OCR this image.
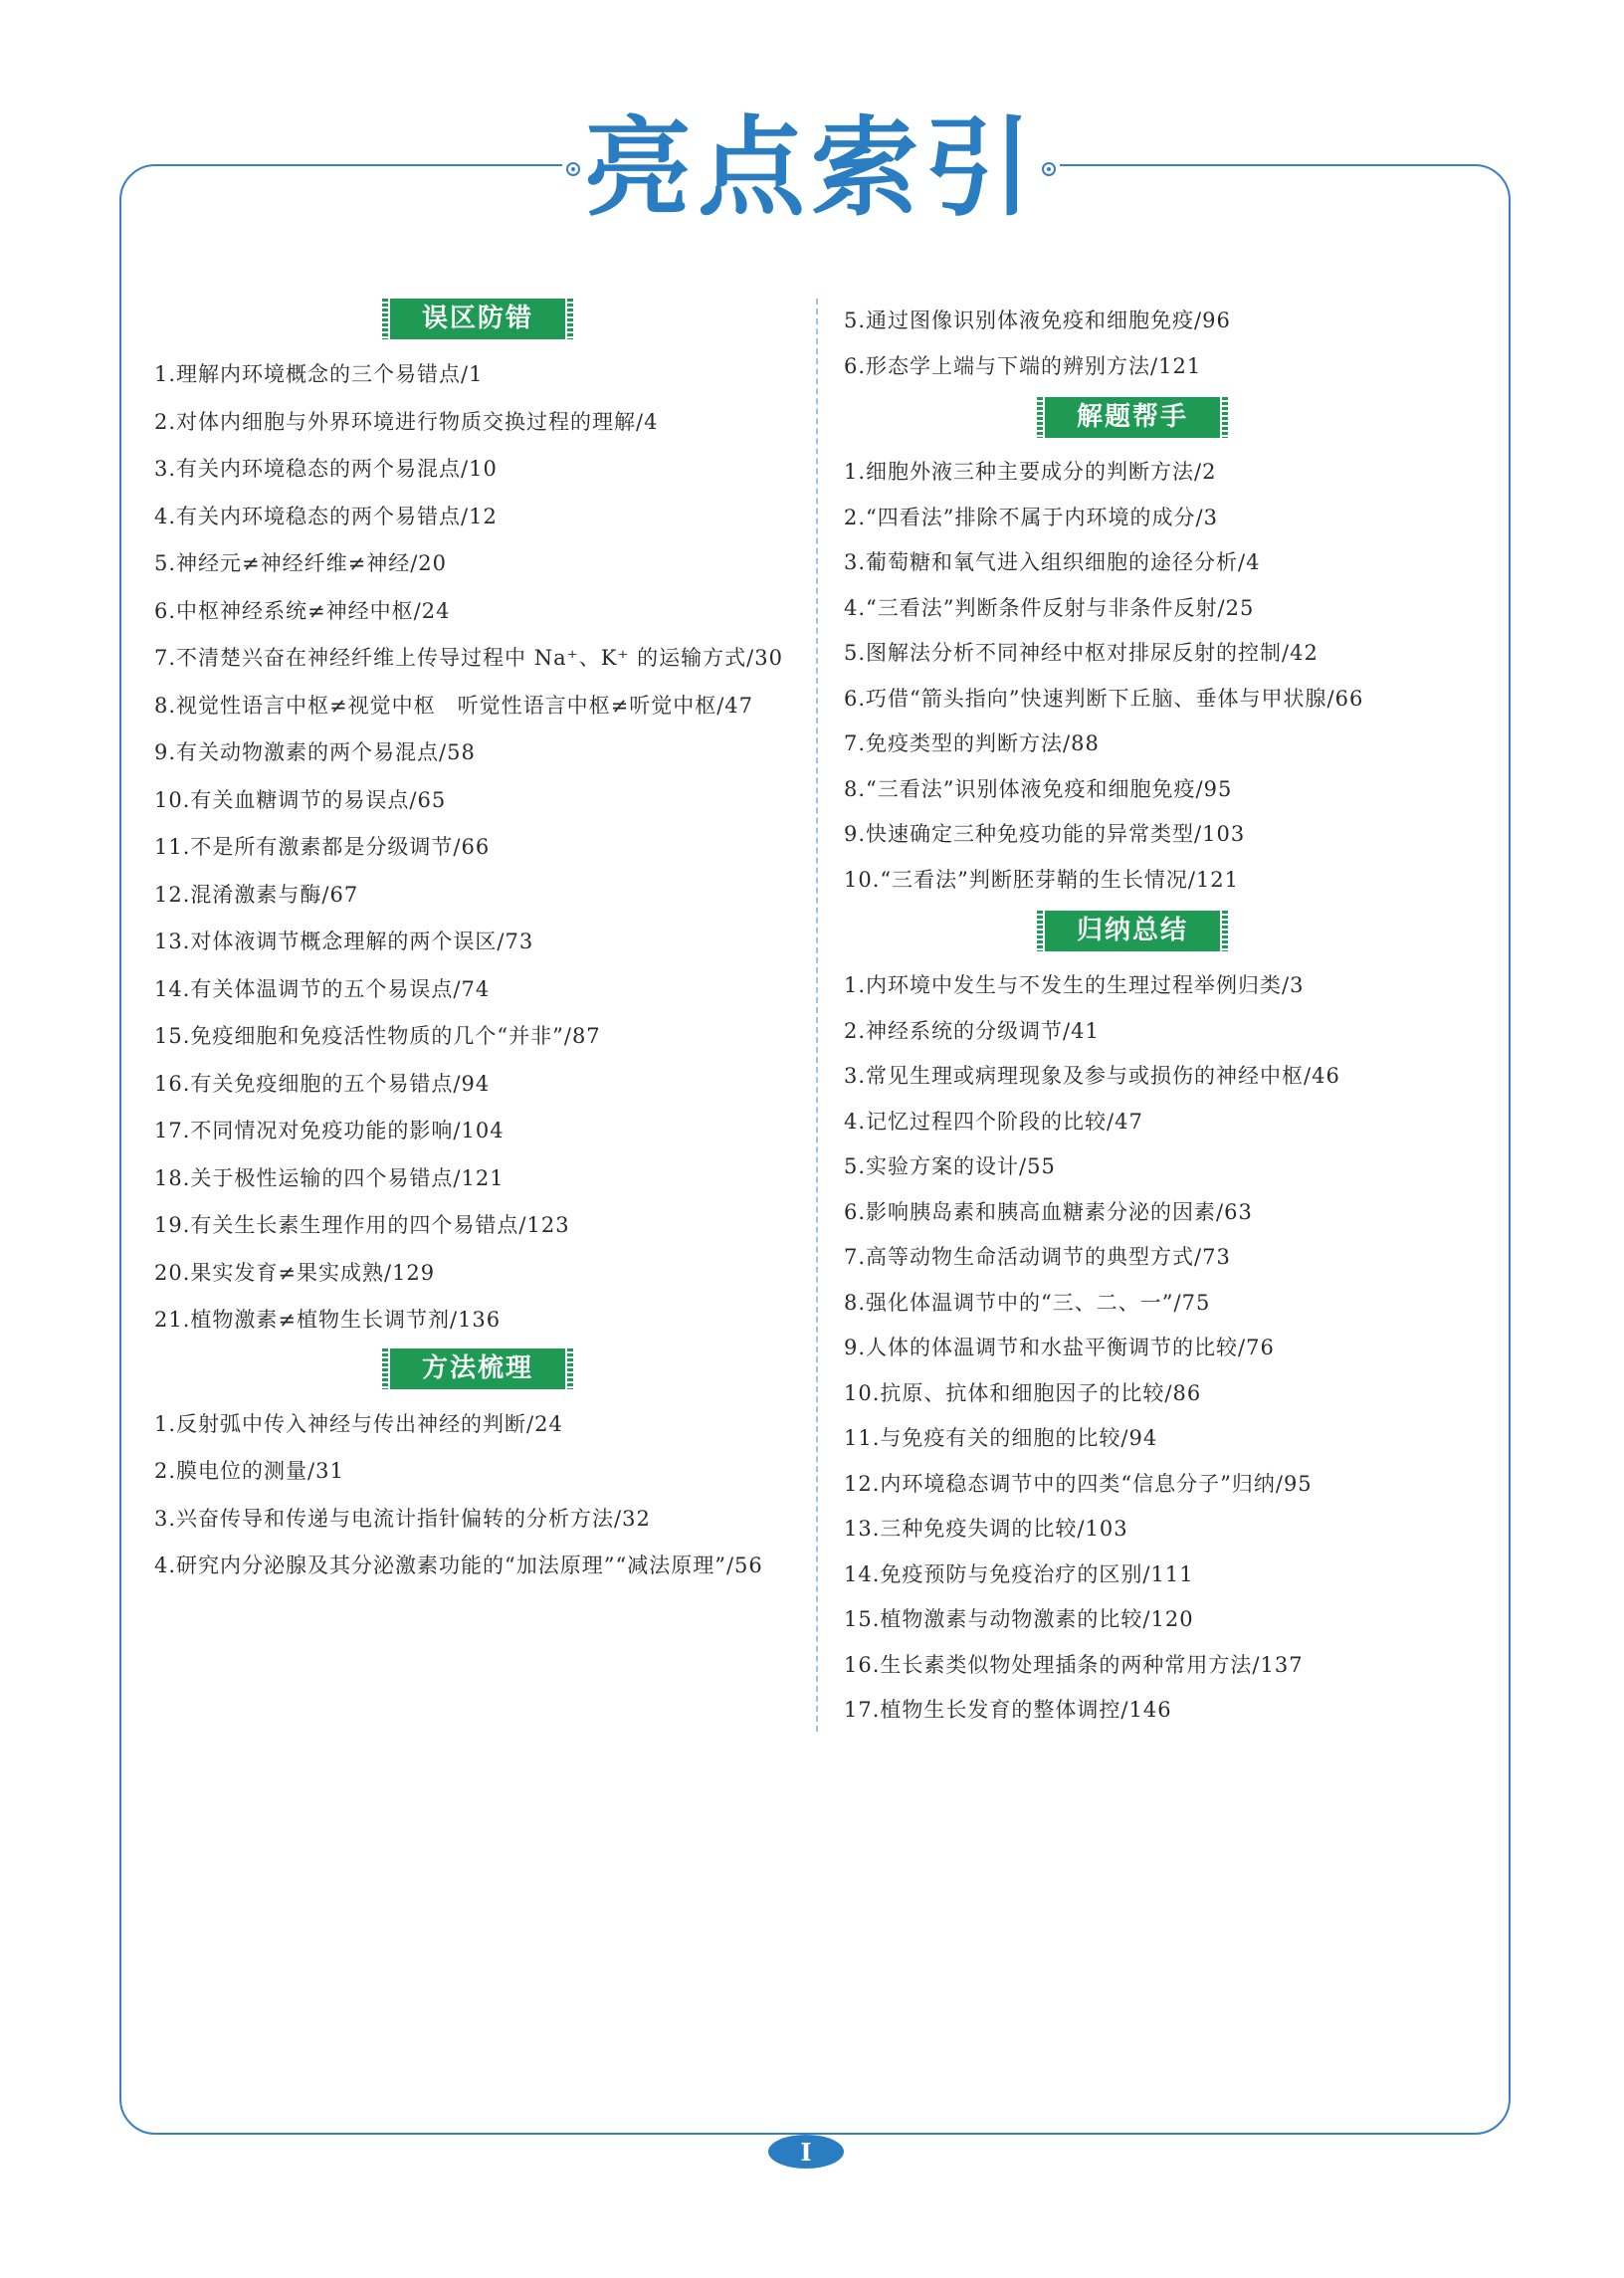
亮点索引
误区防错
1.理解内环境概念的三个易错点/1
2.对体内细胞与外界环境进行物质交换过程的理解/4
3.有关内环境稳态的两个易混点/10
4.有关内环境稳态的两个易错点/12
5.神经元≠神经纤维≠神经/20
6.中枢神经系统≠神经中枢/24
7.不清楚兴奋在神经纤维上传导过程中 Na⁺、K⁺ 的运输方式/30
8.视觉性语言中枢≠视觉中枢　听觉性语言中枢≠听觉中枢/47
9.有关动物激素的两个易混点/58
10.有关血糖调节的易误点/65
11.不是所有激素都是分级调节/66
12.混淆激素与酶/67
13.对体液调节概念理解的两个误区/73
14.有关体温调节的五个易误点/74
15.免疫细胞和免疫活性物质的几个“并非”/87
16.有关免疫细胞的五个易错点/94
17.不同情况对免疫功能的影响/104
18.关于极性运输的四个易错点/121
19.有关生长素生理作用的四个易错点/123
20.果实发育≠果实成熟/129
21.植物激素≠植物生长调节剂/136
方法梳理
1.反射弧中传入神经与传出神经的判断/24
2.膜电位的测量/31
3.兴奋传导和传递与电流计指针偏转的分析方法/32
4.研究内分泌腺及其分泌激素功能的“加法原理”“减法原理”/56
5.通过图像识别体液免疫和细胞免疫/96
6.形态学上端与下端的辨别方法/121
解题帮手
1.细胞外液三种主要成分的判断方法/2
2.“四看法”排除不属于内环境的成分/3
3.葡萄糖和氧气进入组织细胞的途径分析/4
4.“三看法”判断条件反射与非条件反射/25
5.图解法分析不同神经中枢对排尿反射的控制/42
6.巧借“箭头指向”快速判断下丘脑、垂体与甲状腺/66
7.免疫类型的判断方法/88
8.“三看法”识别体液免疫和细胞免疫/95
9.快速确定三种免疫功能的异常类型/103
10.“三看法”判断胚芽鞘的生长情况/121
归纳总结
1.内环境中发生与不发生的生理过程举例归类/3
2.神经系统的分级调节/41
3.常见生理或病理现象及参与或损伤的神经中枢/46
4.记忆过程四个阶段的比较/47
5.实验方案的设计/55
6.影响胰岛素和胰高血糖素分泌的因素/63
7.高等动物生命活动调节的典型方式/73
8.强化体温调节中的“三、二、一”/75
9.人体的体温调节和水盐平衡调节的比较/76
10.抗原、抗体和细胞因子的比较/86
11.与免疫有关的细胞的比较/94
12.内环境稳态调节中的四类“信息分子”归纳/95
13.三种免疫失调的比较/103
14.免疫预防与免疫治疗的区别/111
15.植物激素与动物激素的比较/120
16.生长素类似物处理插条的两种常用方法/137
17.植物生长发育的整体调控/146
I
